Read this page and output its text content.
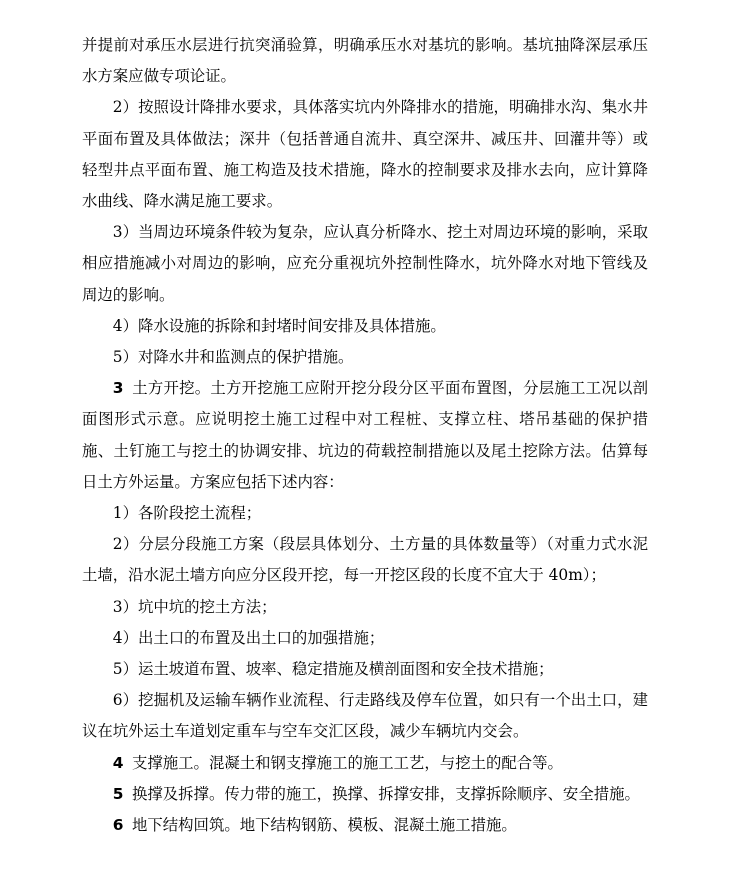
并提前对承压水层进行抗突涌验算，明确承压水对基坑的影响。基坑抽降深层承压水方案应做专项论证。

2）按照设计降排水要求，具体落实坑内外降排水的措施，明确排水沟、集水井平面布置及具体做法；深井（包括普通自流井、真空深井、减压井、回灌井等）或轻型井点平面布置、施工构造及技术措施，降水的控制要求及排水去向，应计算降水曲线、降水满足施工要求。

3）当周边环境条件较为复杂，应认真分析降水、挖土对周边环境的影响，采取相应措施减小对周边的影响，应充分重视坑外控制性降水，坑外降水对地下管线及周边的影响。

4）降水设施的拆除和封堵时间安排及具体措施。

5）对降水井和监测点的保护措施。

3 土方开挖。土方开挖施工应附开挖分段分区平面布置图，分层施工工况以剖面图形式示意。应说明挖土施工过程中对工程桩、支撑立柱、塔吊基础的保护措施、土钉施工与挖土的协调安排、坑边的荷载控制措施以及尾土挖除方法。估算每日土方外运量。方案应包括下述内容：

1）各阶段挖土流程；

2）分层分段施工方案（段层具体划分、土方量的具体数量等）（对重力式水泥土墙，沿水泥土墙方向应分区段开挖，每一开挖区段的长度不宜大于 40m）；

3）坑中坑的挖土方法；

4）出土口的布置及出土口的加强措施；

5）运土坡道布置、坡率、稳定措施及横剖面图和安全技术措施；

6）挖掘机及运输车辆作业流程、行走路线及停车位置，如只有一个出土口，建议在坑外运土车道划定重车与空车交汇区段，减少车辆坑内交会。

4 支撑施工。混凝土和钢支撑施工的施工工艺，与挖土的配合等。

5 换撑及拆撑。传力带的施工，换撑、拆撑安排，支撑拆除顺序、安全措施。

6 地下结构回筑。地下结构钢筋、模板、混凝土施工措施。
